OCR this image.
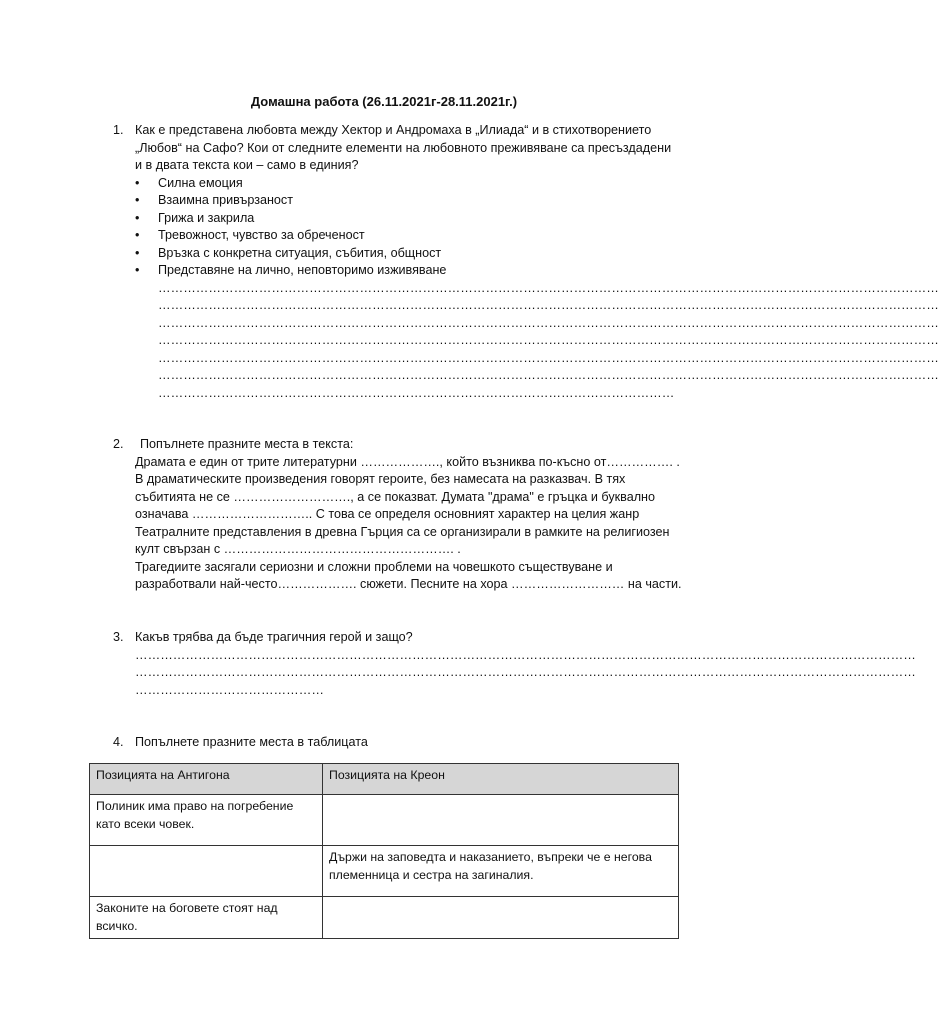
Домашна работа (26.11.2021г-28.11.2021г.)
1. Как е представена любовта между Хектор и Андромаха в „Илиада“ и в стихотворението
„Любов“ на Сафо? Кои от следните елементи на любовното преживяване са пресъздадени
и в двата текста кои – само в единия?
• Силна емоция
• Взаимна привързаност
• Грижа и закрила
• Тревожност, чувство за обреченост
• Връзка с конкретна ситуация, събития, общност
• Представяне на лично, неповторимо изживяване
……………………………………………………………………………………………………………………………………………………………………
……………………………………………………………………………………………………………………………………………………………………
……………………………………………………………………………………………………………………………………………………………………
……………………………………………………………………………………………………………………………………………………………………
……………………………………………………………………………………………………………………………………………………………………
……………………………………………………………………………………………………………………………………………………………………
……………………………………………………………………………………………………………
2. Попълнете празните места в текста:
Драмата е един от трите литературни ………………., който възниква по-късно от……………. .
В драматическите произведения говорят героите, без намесата на разказвач. В тях
събитията не се ………………………., а се показват. Думата "драма" е гръцка и буквално
означава ……………………….. С това се определя основният характер на целия жанр
Театралните представления в древна Гърция са се организирали в рамките на религиозен
култ свързан с ………………………………………………. .
Трагедиите засягали сериозни и сложни проблеми на човешкото съществуване и
разработвали най-често………………. сюжети. Песните на хора ……………………… на части.
3. Какъв трябва да бъде трагичния герой и защо?
……………………………………………………………………………………………………………………………………………………………………
……………………………………………………………………………………………………………………………………………………………………
………………………………………
4. Попълнете празните места в таблицата
Позицията на Антигона	Позицията на Креон
Полиник има право на погребение като всеки човек.	
	Държи на заповедта и наказанието, въпреки че е негова племенница и сестра на загиналия.
Законите на боговете стоят над всичко.	
